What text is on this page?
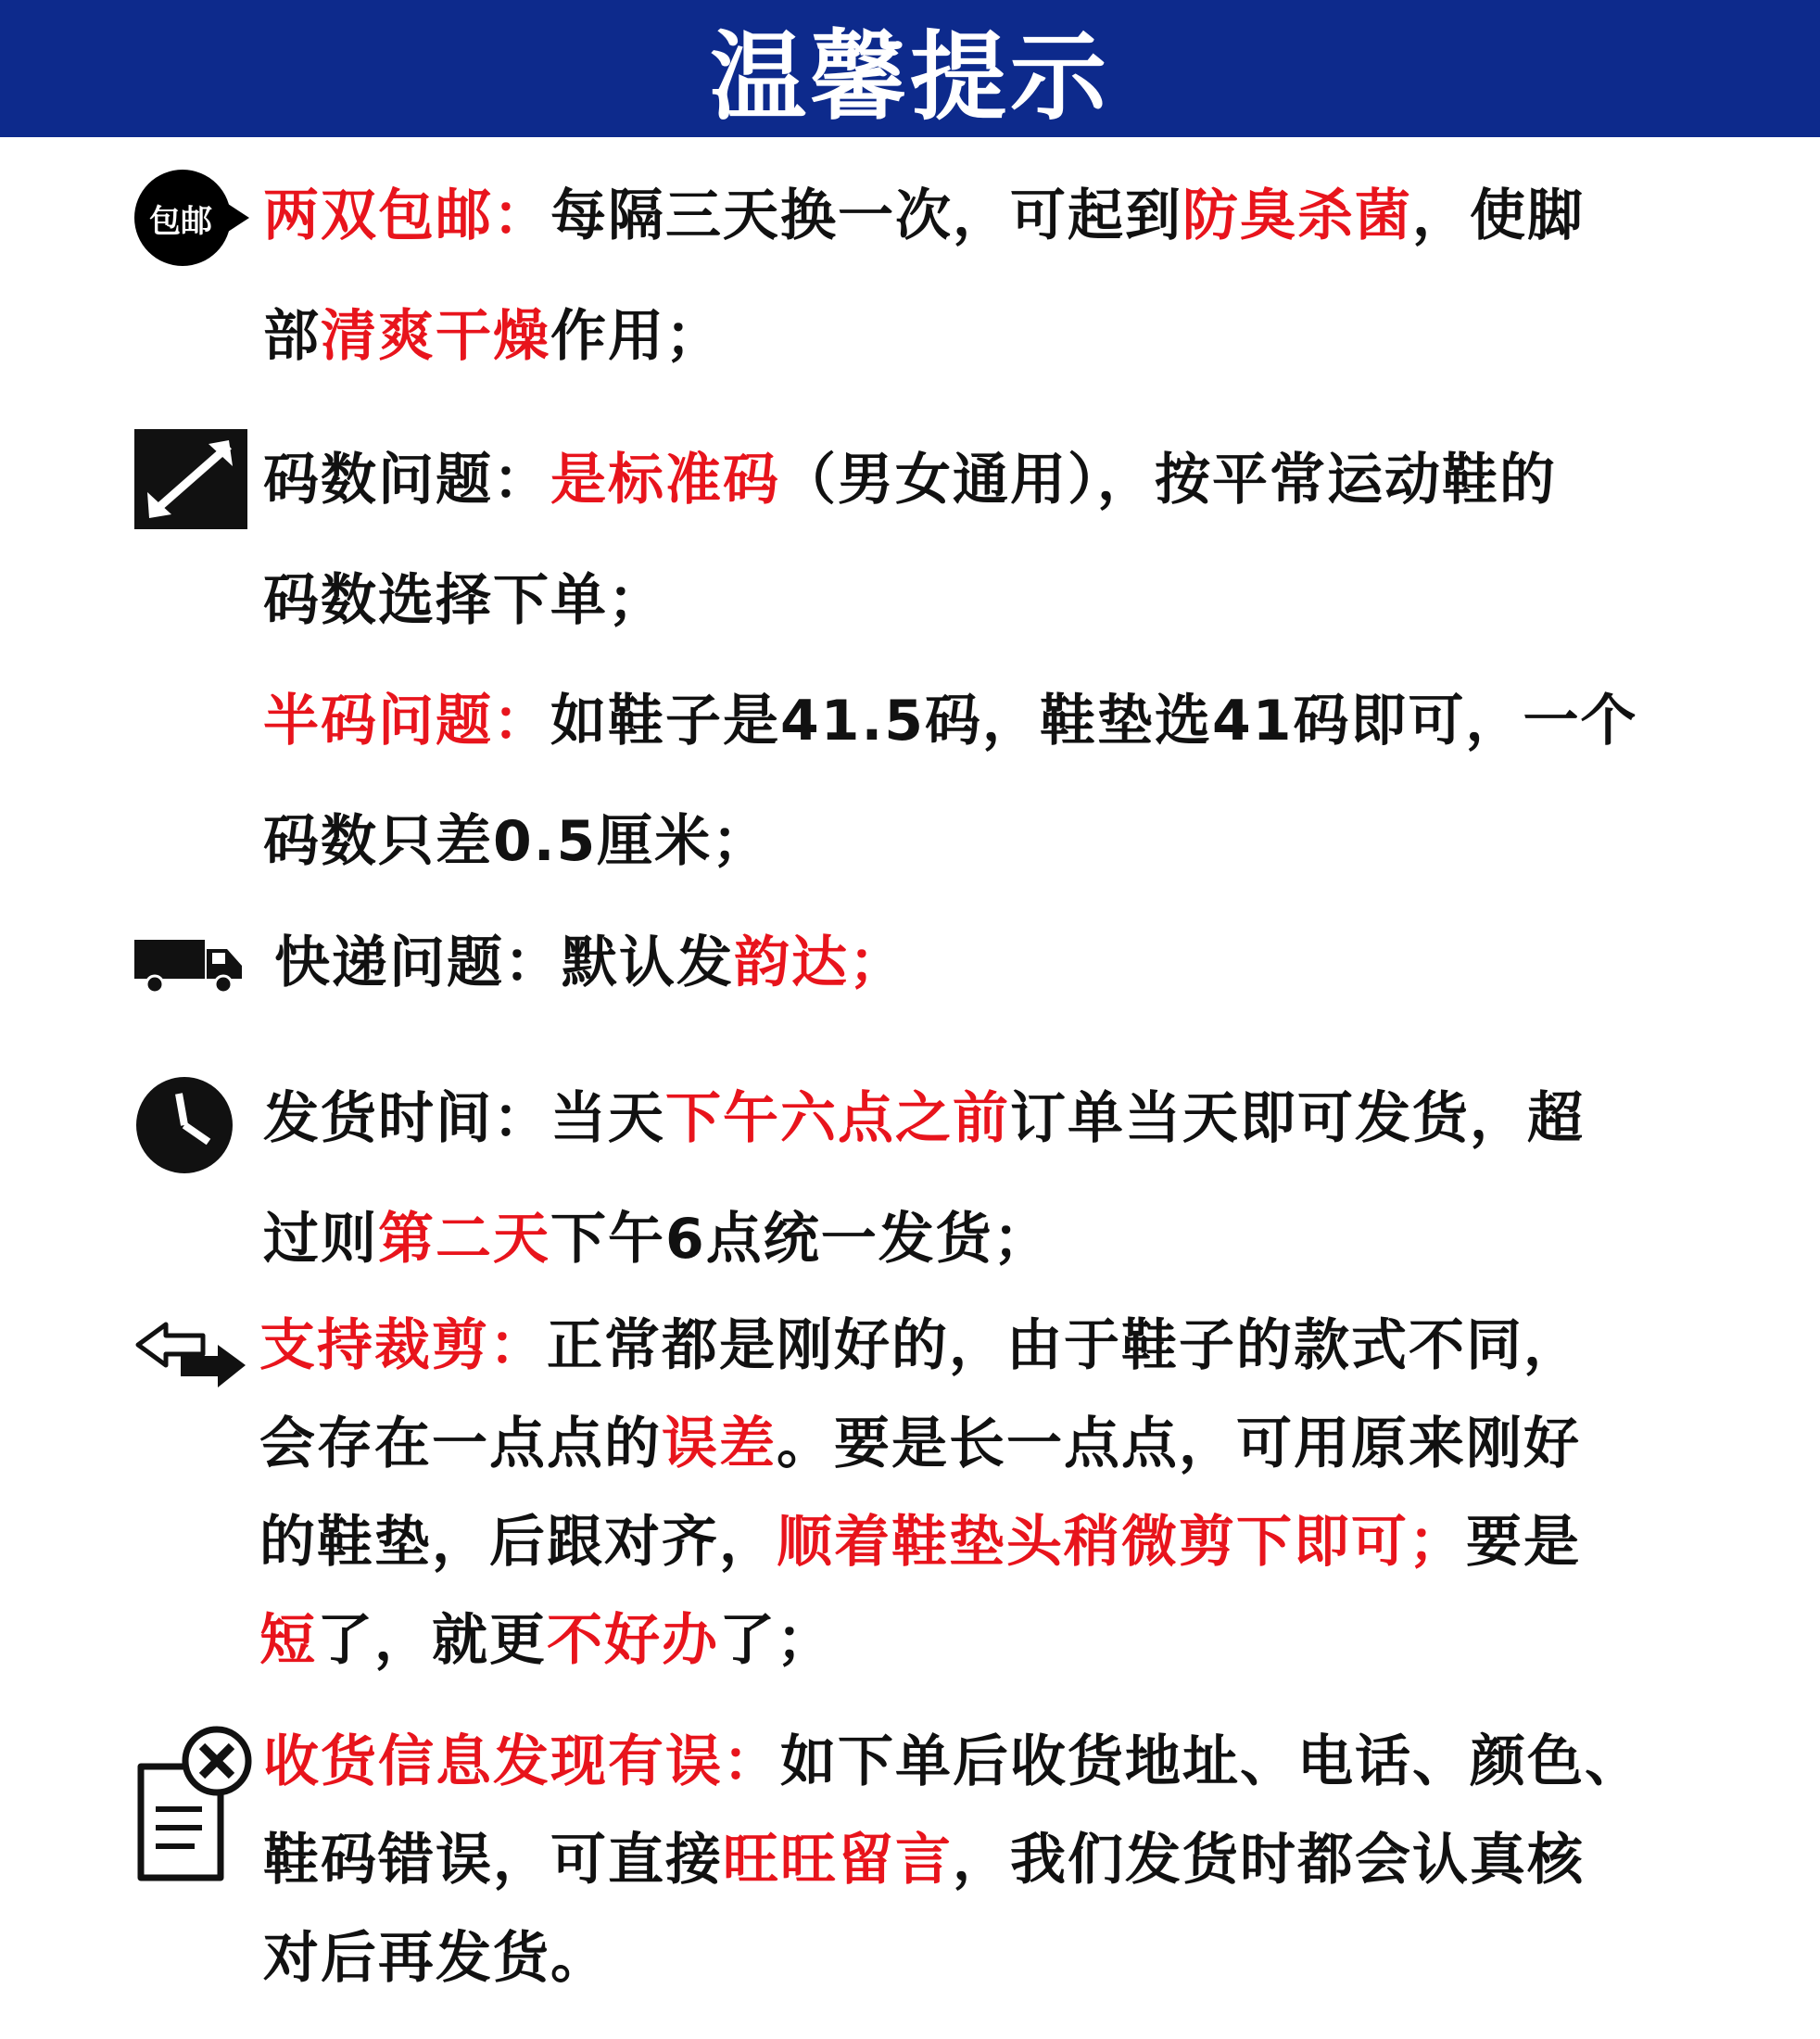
温馨提示
包邮 两双包邮：每隔三天换一次，可起到防臭杀菌，使脚
部清爽干燥作用；
码数问题：是标准码（男女通用），按平常运动鞋的
码数选择下单；
半码问题：如鞋子是41.5码，鞋垫选41码即可，一个
码数只差0.5厘米；
快递问题：默认发韵达；
发货时间：当天下午六点之前订单当天即可发货，超
过则第二天下午6点统一发货；
支持裁剪：正常都是刚好的，由于鞋子的款式不同，
会存在一点点的误差。要是长一点点，可用原来刚好
的鞋垫，后跟对齐，顺着鞋垫头稍微剪下即可；要是
短了，就更不好办了；
收货信息发现有误：如下单后收货地址、电话、颜色、
鞋码错误，可直接旺旺留言，我们发货时都会认真核
对后再发货。
